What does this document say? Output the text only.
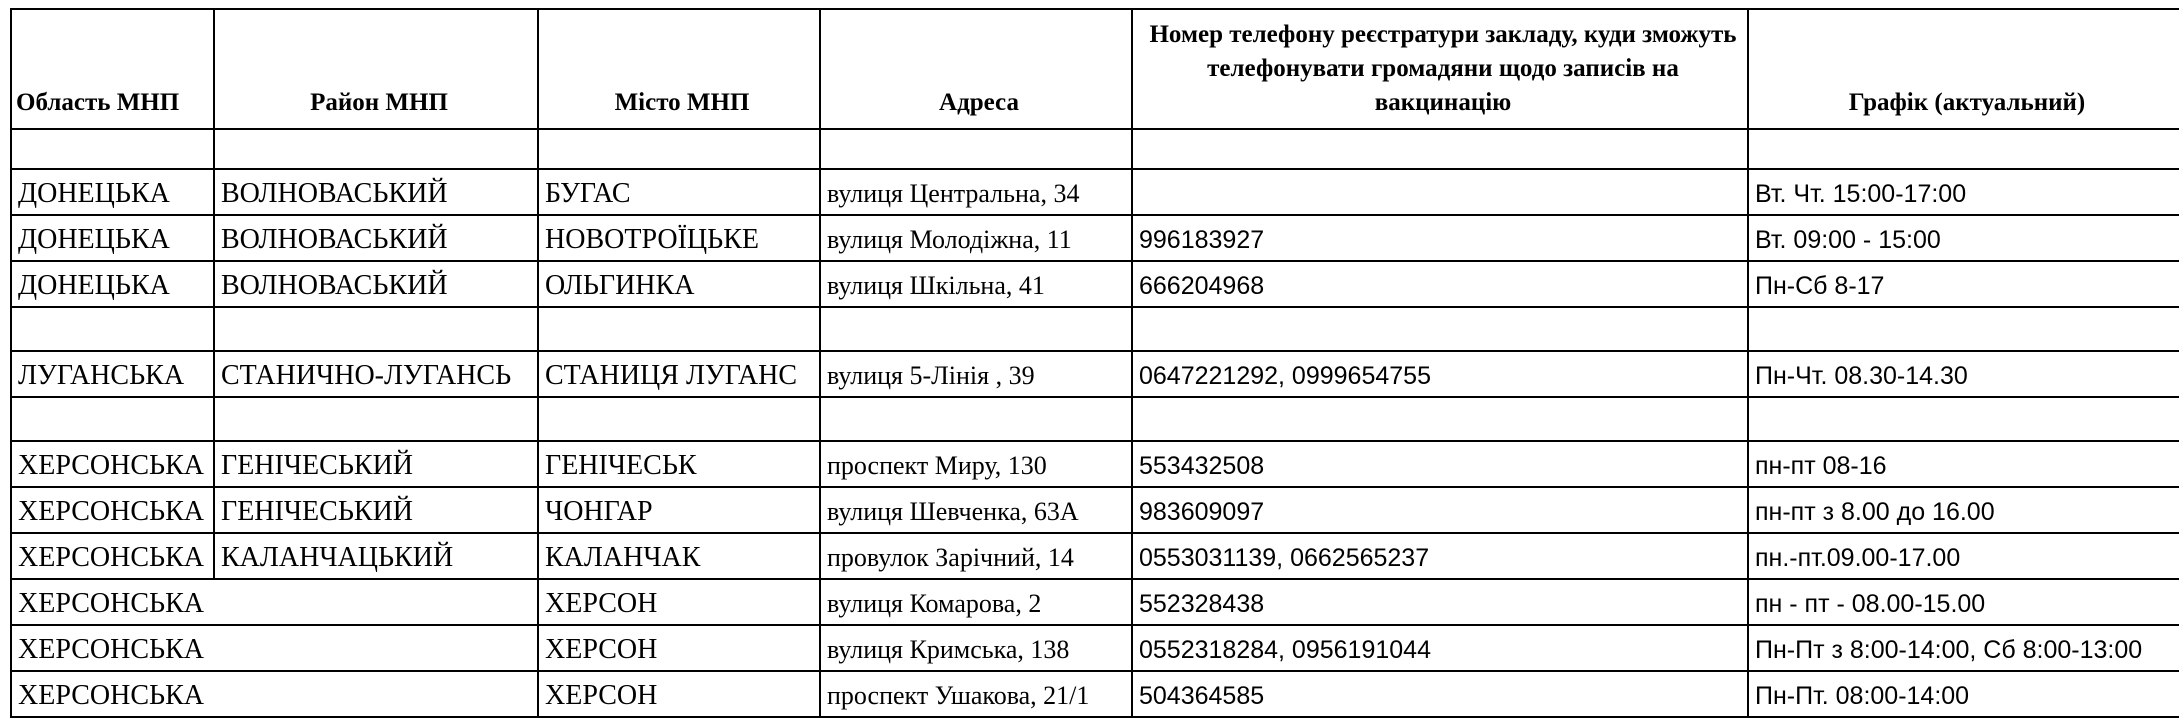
Область МНП	Район МНП	Місто МНП	Адреса	Номер телефону реєстратури закладу, куди зможуть телефонувати громадяни щодо записів на вакцинацію	Графік (актуальний)

ДОНЕЦЬКА	ВОЛНОВАСЬКИЙ	БУГАС	вулиця Центральна, 34		Вт. Чт. 15:00-17:00
ДОНЕЦЬКА	ВОЛНОВАСЬКИЙ	НОВОТРОЇЦЬКЕ	вулиця Молодіжна, 11	996183927	Вт. 09:00 - 15:00
ДОНЕЦЬКА	ВОЛНОВАСЬКИЙ	ОЛЬГИНКА	вулиця Шкільна, 41	666204968	Пн-Сб 8-17

ЛУГАНСЬКА	СТАНИЧНО-ЛУГАНСЬ	СТАНИЦЯ ЛУГАНС	вулиця 5-Лінія , 39	0647221292, 0999654755	Пн-Чт. 08.30-14.30

ХЕРСОНСЬКА	ГЕНІЧЕСЬКИЙ	ГЕНІЧЕСЬК	проспект Миру, 130	553432508	пн-пт 08-16
ХЕРСОНСЬКА	ГЕНІЧЕСЬКИЙ	ЧОНГАР	вулиця Шевченка, 63А	983609097	пн-пт з 8.00 до 16.00
ХЕРСОНСЬКА	КАЛАНЧАЦЬКИЙ	КАЛАНЧАК	провулок Зарічний, 14	0553031139, 0662565237	пн.-пт.09.00-17.00
ХЕРСОНСЬКА		ХЕРСОН	вулиця Комарова, 2	552328438	пн - пт - 08.00-15.00
ХЕРСОНСЬКА		ХЕРСОН	вулиця Кримська, 138	0552318284, 0956191044	Пн-Пт з 8:00-14:00, Сб 8:00-13:00
ХЕРСОНСЬКА		ХЕРСОН	проспект Ушакова, 21/1	504364585	Пн-Пт. 08:00-14:00
